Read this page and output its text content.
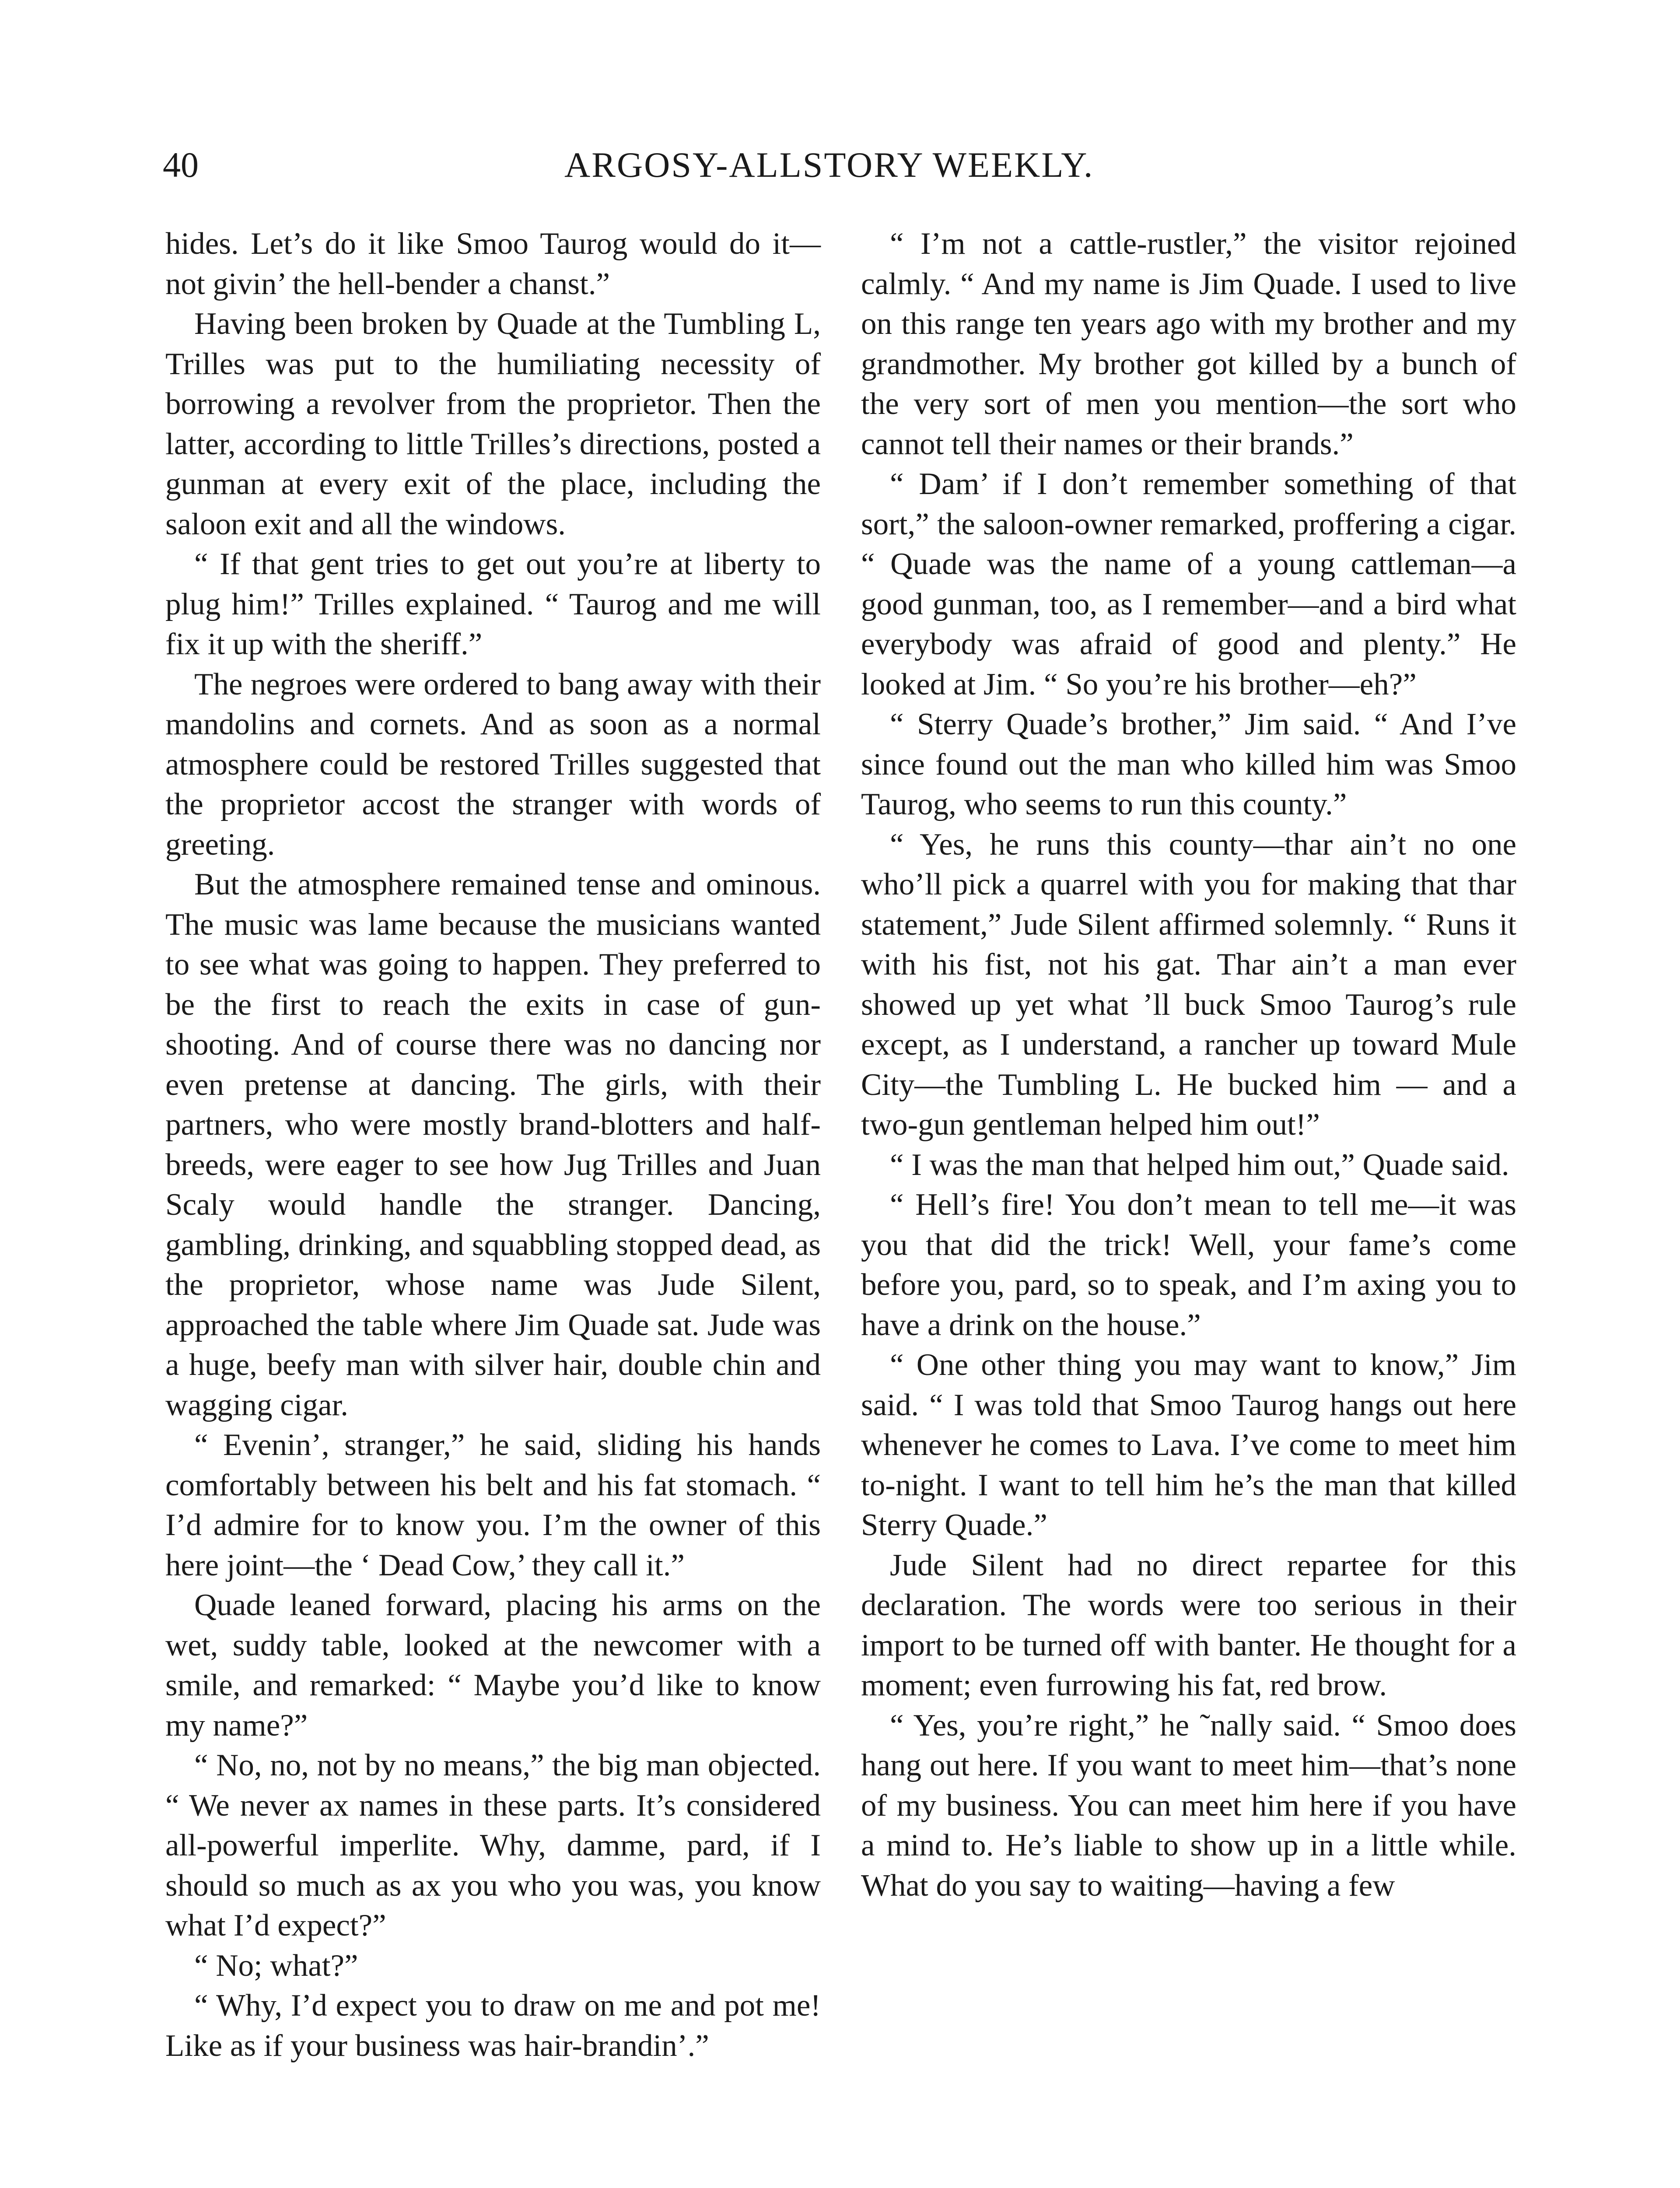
40	ARGOSY-ALLSTORY WEEKLY.

hides. Let’s do it like Smoo Taurog would do it—not givin’ the hell-bender a chanst.”

Having been broken by Quade at the Tumbling L, Trilles was put to the humiliating necessity of borrowing a revolver from the proprietor. Then the latter, according to little Trilles’s directions, posted a gunman at every exit of the place, including the saloon exit and all the windows.

“ If that gent tries to get out you’re at liberty to plug him!” Trilles explained. “ Taurog and me will fix it up with the sheriff.”

The negroes were ordered to bang away with their mandolins and cornets. And as soon as a normal atmosphere could be restored Trilles suggested that the proprietor accost the stranger with words of greeting.

But the atmosphere remained tense and ominous. The music was lame because the musicians wanted to see what was going to happen. They preferred to be the first to reach the exits in case of gun-shooting. And of course there was no dancing nor even pretense at dancing. The girls, with their partners, who were mostly brand-blotters and half-breeds, were eager to see how Jug Trilles and Juan Scaly would handle the stranger. Dancing, gambling, drinking, and squabbling stopped dead, as the proprietor, whose name was Jude Silent, approached the table where Jim Quade sat. Jude was a huge, beefy man with silver hair, double chin and wagging cigar.

“ Evenin’, stranger,” he said, sliding his hands comfortably between his belt and his fat stomach. “ I’d admire for to know you. I’m the owner of this here joint—the ‘ Dead Cow,’ they call it.”

Quade leaned forward, placing his arms on the wet, suddy table, looked at the newcomer with a smile, and remarked: “ Maybe you’d like to know my name?”

“ No, no, not by no means,” the big man objected. “ We never ax names in these parts. It’s considered all-powerful imperlite. Why, damme, pard, if I should so much as ax you who you was, you know what I’d expect?”

“ No; what?”

“ Why, I’d expect you to draw on me and pot me! Like as if your business was hair-brandin’.”

“ I’m not a cattle-rustler,” the visitor rejoined calmly. “ And my name is Jim Quade. I used to live on this range ten years ago with my brother and my grandmother. My brother got killed by a bunch of the very sort of men you mention—the sort who cannot tell their names or their brands.”

“ Dam’ if I don’t remember something of that sort,” the saloon-owner remarked, proffering a cigar. “ Quade was the name of a young cattleman—a good gunman, too, as I remember—and a bird what everybody was afraid of good and plenty.” He looked at Jim. “ So you’re his brother—eh?”

“ Sterry Quade’s brother,” Jim said. “ And I’ve since found out the man who killed him was Smoo Taurog, who seems to run this county.”

“ Yes, he runs this county—thar ain’t no one who’ll pick a quarrel with you for making that thar statement,” Jude Silent affirmed solemnly. “ Runs it with his fist, not his gat. Thar ain’t a man ever showed up yet what ’ll buck Smoo Taurog’s rule except, as I understand, a rancher up toward Mule City—the Tumbling L. He bucked him — and a two-gun gentleman helped him out!”

“ I was the man that helped him out,” Quade said.

“ Hell’s fire! You don’t mean to tell me—it was you that did the trick! Well, your fame’s come before you, pard, so to speak, and I’m axing you to have a drink on the house.”

“ One other thing you may want to know,” Jim said. “ I was told that Smoo Taurog hangs out here whenever he comes to Lava. I’ve come to meet him to-night. I want to tell him he’s the man that killed Sterry Quade.”

Jude Silent had no direct repartee for this declaration. The words were too serious in their import to be turned off with banter. He thought for a moment; even furrowing his fat, red brow.

“ Yes, you’re right,” he ˜nally said. “ Smoo does hang out here. If you want to meet him—that’s none of my business. You can meet him here if you have a mind to. He’s liable to show up in a little while. What do you say to waiting—having a few
